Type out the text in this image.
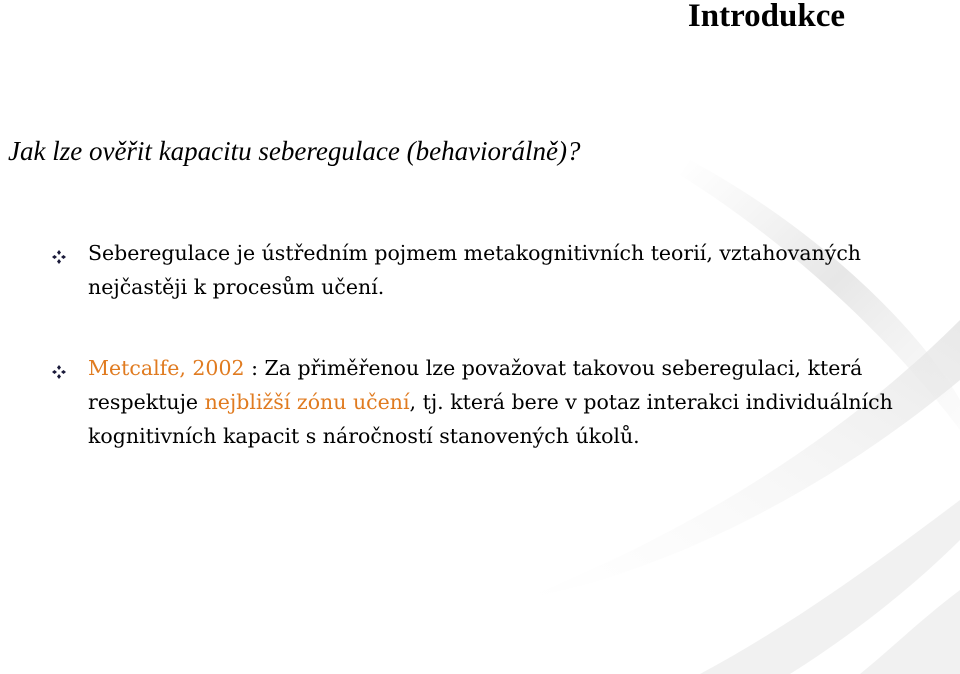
Introdukce
Jak lze ověřit kapacitu seberegulace (behaviorálně)?
Seberegulace je ústředním pojmem metakognitivních teorií, vztahovaných nejčastěji k procesům učení.
Metcalfe, 2002 : Za přiměřenou lze považovat takovou seberegulaci, která respektuje nejbližší zónu učení, tj. která bere v potaz interakci individuálních kognitivních kapacit s náročností stanovených úkolů.
